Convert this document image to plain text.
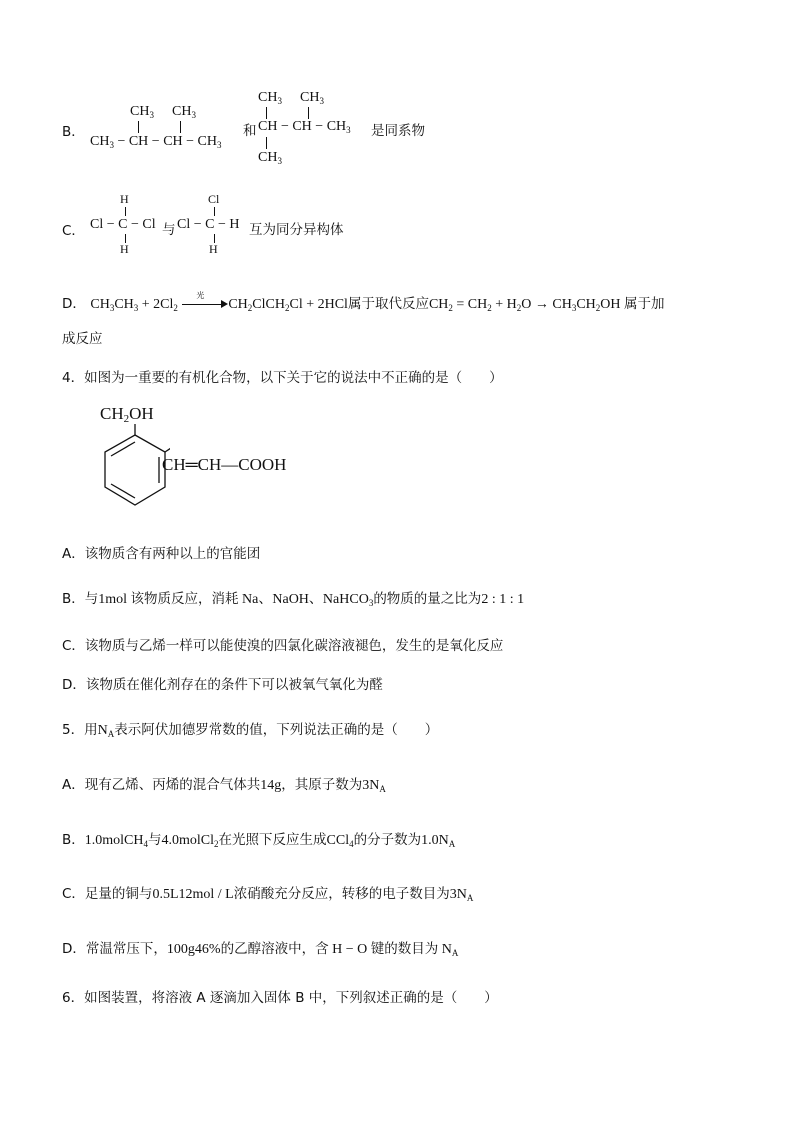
B．
$CH_3$ $CH_3$
$CH_3$ − CH − CH − $CH_3$
和
$CH_3$ $CH_3$
CH − CH − $CH_3$
$CH_3$
是同系物
C．
H
Cl − C − Cl
H
与
Cl
Cl − C − H
H
互为同分异构体
D． $CH_3CH_3 + 2Cl_2$
光
$CH_2ClCH_2Cl + 2HCl$属于取代反应$CH_2 = CH_2 + H_2O \to CH_3CH_2OH$ 属于加
成反应
4．如图为一重要的有机化合物，以下关于它的说法中不正确的是（　　）
$CH_2OH$
CH═CH—COOH
A．该物质含有两种以上的官能团
B．与1mol 该物质反应，消耗 Na、NaOH、NaHCO$_3$的物质的量之比为2 : 1 : 1
C．该物质与乙烯一样可以能使溴的四氯化碳溶液褪色，发生的是氧化反应
D．该物质在催化剂存在的条件下可以被氧气氧化为醛
5．用$N_A$表示阿伏加德罗常数的值，下列说法正确的是（　　）
A．现有乙烯、丙烯的混合气体共14g，其原子数为$3N_A$
B．1.0molCH$_4$与4.0molCl$_2$在光照下反应生成CCl$_4$的分子数为$1.0N_A$
C．足量的铜与0.5L12mol / L浓硝酸充分反应，转移的电子数目为$3N_A$
D．常温常压下，100g46%的乙醇溶液中，含 H − O 键的数目为 $N_A$
6．如图装置，将溶液 A 逐滴加入固体 B 中，下列叙述正确的是（　　）
